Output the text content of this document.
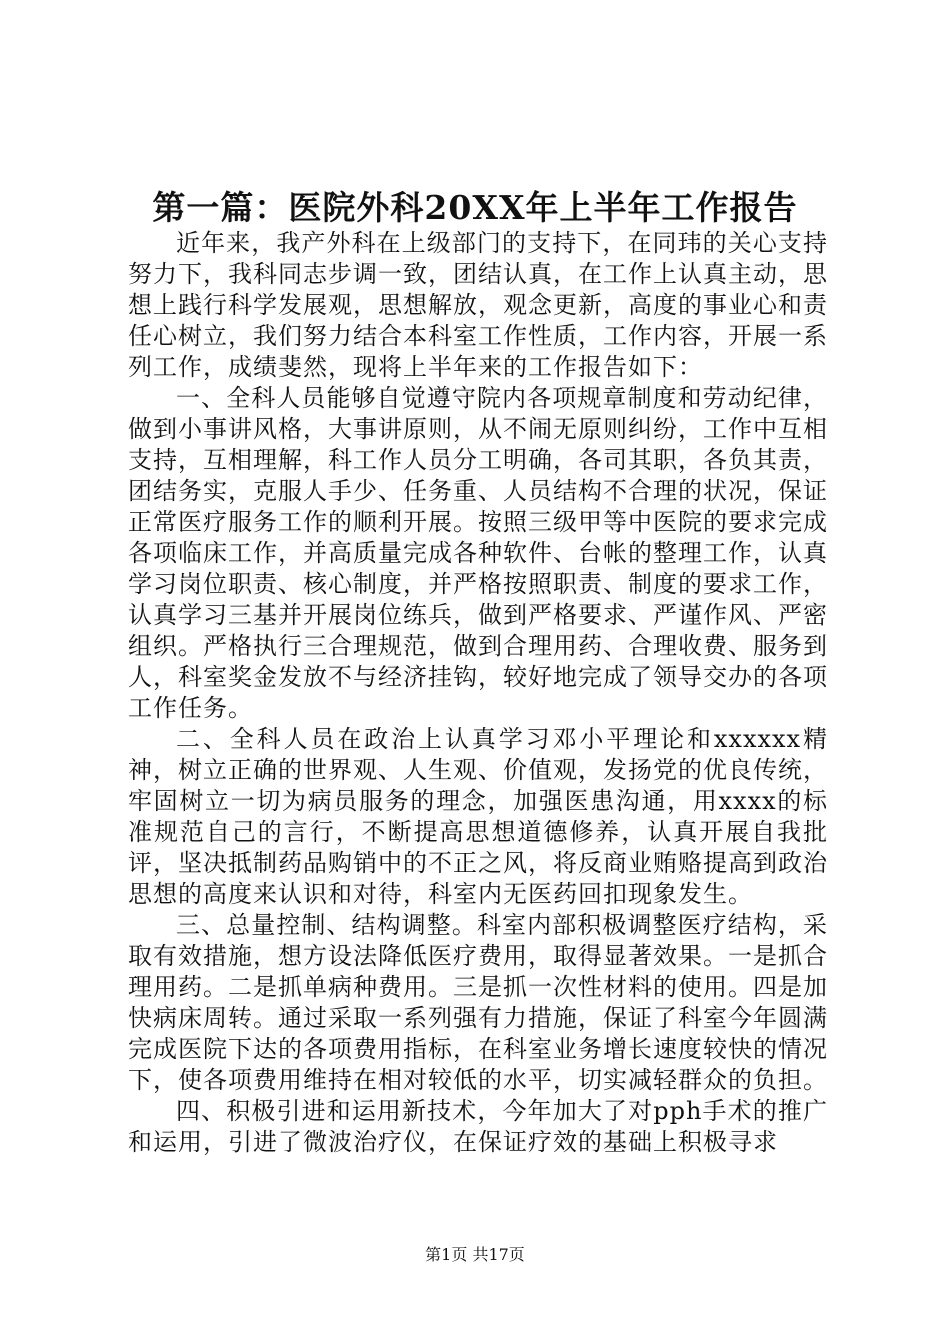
第一篇：医院外科20XX年上半年工作报告

近年来，我产外科在上级部门的支持下，在同玮的关心支持努力下，我科同志步调一致，团结认真，在工作上认真主动，思想上践行科学发展观，思想解放，观念更新，高度的事业心和责任心树立，我们努力结合本科室工作性质，工作内容，开展一系列工作，成绩斐然，现将上半年来的工作报告如下：

一、全科人员能够自觉遵守院内各项规章制度和劳动纪律，做到小事讲风格，大事讲原则，从不闹无原则纠纷，工作中互相支持，互相理解，科工作人员分工明确，各司其职，各负其责，团结务实，克服人手少、任务重、人员结构不合理的状况，保证正常医疗服务工作的顺利开展。按照三级甲等中医院的要求完成各项临床工作，并高质量完成各种软件、台帐的整理工作，认真学习岗位职责、核心制度，并严格按照职责、制度的要求工作，认真学习三基并开展岗位练兵，做到严格要求、严谨作风、严密组织。严格执行三合理规范，做到合理用药、合理收费、服务到人，科室奖金发放不与经济挂钩，较好地完成了领导交办的各项工作任务。

二、全科人员在政治上认真学习邓小平理论和xxxxxx精神，树立正确的世界观、人生观、价值观，发扬党的优良传统，牢固树立一切为病员服务的理念，加强医患沟通，用xxxx的标准规范自己的言行，不断提高思想道德修养，认真开展自我批评，坚决抵制药品购销中的不正之风，将反商业贿赂提高到政治思想的高度来认识和对待，科室内无医药回扣现象发生。

三、总量控制、结构调整。科室内部积极调整医疗结构，采取有效措施，想方设法降低医疗费用，取得显著效果。一是抓合理用药。二是抓单病种费用。三是抓一次性材料的使用。四是加快病床周转。通过采取一系列强有力措施，保证了科室今年圆满完成医院下达的各项费用指标，在科室业务增长速度较快的情况下，使各项费用维持在相对较低的水平，切实减轻群众的负担。

四、积极引进和运用新技术，今年加大了对pph手术的推广和运用，引进了微波治疗仪，在保证疗效的基础上积极寻求

第1页 共17页
